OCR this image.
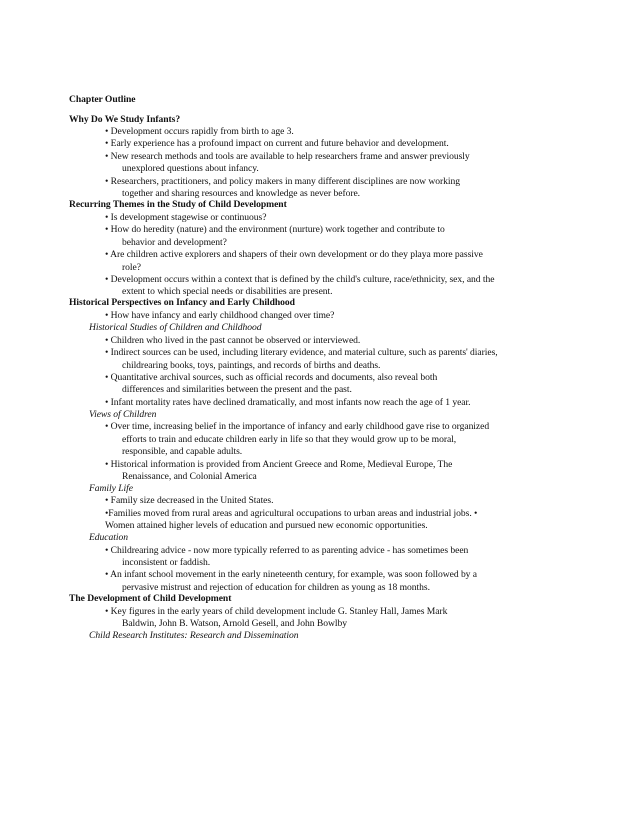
Chapter Outline
Why Do We Study Infants?
• Development occurs rapidly from birth to age 3.
• Early experience has a profound impact on current and future behavior and development.
• New research methods and tools are available to help researchers frame and answer previously
unexplored questions about infancy.
• Researchers, practitioners, and policy makers in many different disciplines are now working
together and sharing resources and knowledge as never before.
Recurring Themes in the Study of Child Development
• Is development stagewise or continuous?
• How do heredity (nature) and the environment (nurture) work together and contribute to
behavior and development?
• Are children active explorers and shapers of their own development or do they playa more passive
role?
• Development occurs within a context that is defined by the child's culture, race/ethnicity, sex, and the
extent to which special needs or disabilities are present.
Historical Perspectives on Infancy and Early Childhood
• How have infancy and early childhood changed over time?
Historical Studies of Children and Childhood
• Children who lived in the past cannot be observed or interviewed.
• Indirect sources can be used, including literary evidence, and material culture, such as parents' diaries,
childrearing books, toys, paintings, and records of births and deaths.
• Quantitative archival sources, such as official records and documents, also reveal both
differences and similarities between the present and the past.
• Infant mortality rates have declined dramatically, and most infants now reach the age of 1 year.
Views of Children
• Over time, increasing belief in the importance of infancy and early childhood gave rise to organized
efforts to train and educate children early in life so that they would grow up to be moral,
responsible, and capable adults.
• Historical information is provided from Ancient Greece and Rome, Medieval Europe, The
Renaissance, and Colonial America
Family Life
• Family size decreased in the United States.
•Families moved from rural areas and agricultural occupations to urban areas and industrial jobs. •
Women attained higher levels of education and pursued new economic opportunities.
Education
• Childrearing advice - now more typically referred to as parenting advice - has sometimes been
inconsistent or faddish.
• An infant school movement in the early nineteenth century, for example, was soon followed by a
pervasive mistrust and rejection of education for children as young as 18 months.
The Development of Child Development
• Key figures in the early years of child development include G. Stanley Hall, James Mark
Baldwin, John B. Watson, Arnold Gesell, and John Bowlby
Child Research Institutes: Research and Dissemination
